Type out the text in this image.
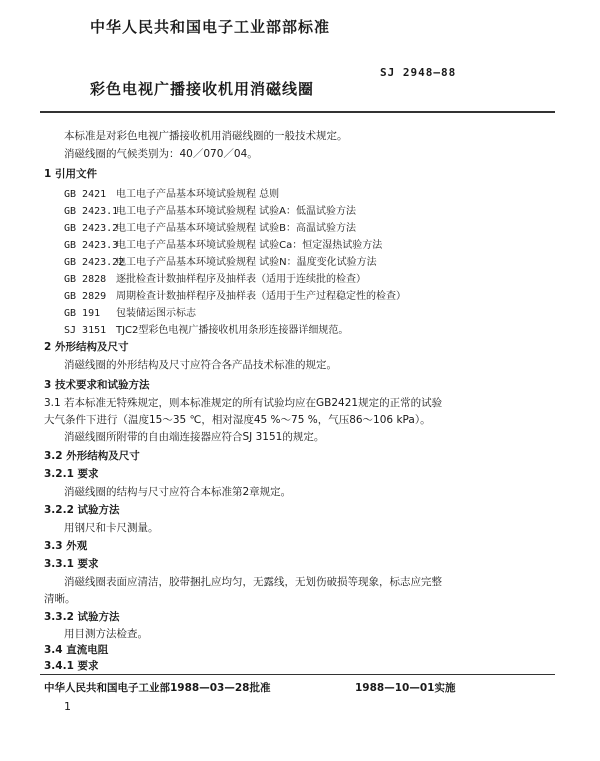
中华人民共和国电子工业部部标准
彩色电视广播接收机用消磁线圈
SJ 2948—88
本标准是对彩色电视广播接收机用消磁线圈的一般技术规定。
消磁线圈的气候类别为：40／070／04。
1 引用文件
GB 2421 电工电子产品基本环境试验规程 总则
GB 2423.1电工电子产品基本环境试验规程 试验A：低温试验方法
GB 2423.2电工电子产品基本环境试验规程 试验B：高温试验方法
GB 2423.3电工电子产品基本环境试验规程 试验Ca：恒定湿热试验方法
GB 2423.22电工电子产品基本环境试验规程 试验N：温度变化试验方法
GB 2828 逐批检查计数抽样程序及抽样表（适用于连续批的检查）
GB 2829 周期检查计数抽样程序及抽样表（适用于生产过程稳定性的检查）
GB 191 包装储运图示标志
SJ 3151 TJC2型彩色电视广播接收机用条形连接器详细规范。
2 外形结构及尺寸
消磁线圈的外形结构及尺寸应符合各产品技术标准的规定。
3 技术要求和试验方法
3.1 若本标准无特殊规定，则本标准规定的所有试验均应在GB2421规定的正常的试验
大气条件下进行（温度15～35 ℃，相对湿度45 %～75 %，气压86～106 kPa）。
消磁线圈所附带的自由端连接器应符合SJ 3151的规定。
3.2 外形结构及尺寸
3.2.1 要求
消磁线圈的结构与尺寸应符合本标准第2章规定。
3.2.2 试验方法
用钢尺和卡尺测量。
3.3 外观
3.3.1 要求
消磁线圈表面应清洁，胶带捆扎应均匀，无露线，无划伤破损等现象，标志应完整
清晰。
3.3.2 试验方法
用目测方法检查。
3.4 直流电阻
3.4.1 要求
中华人民共和国电子工业部1988—03—28批准	1988—10—01实施
1
